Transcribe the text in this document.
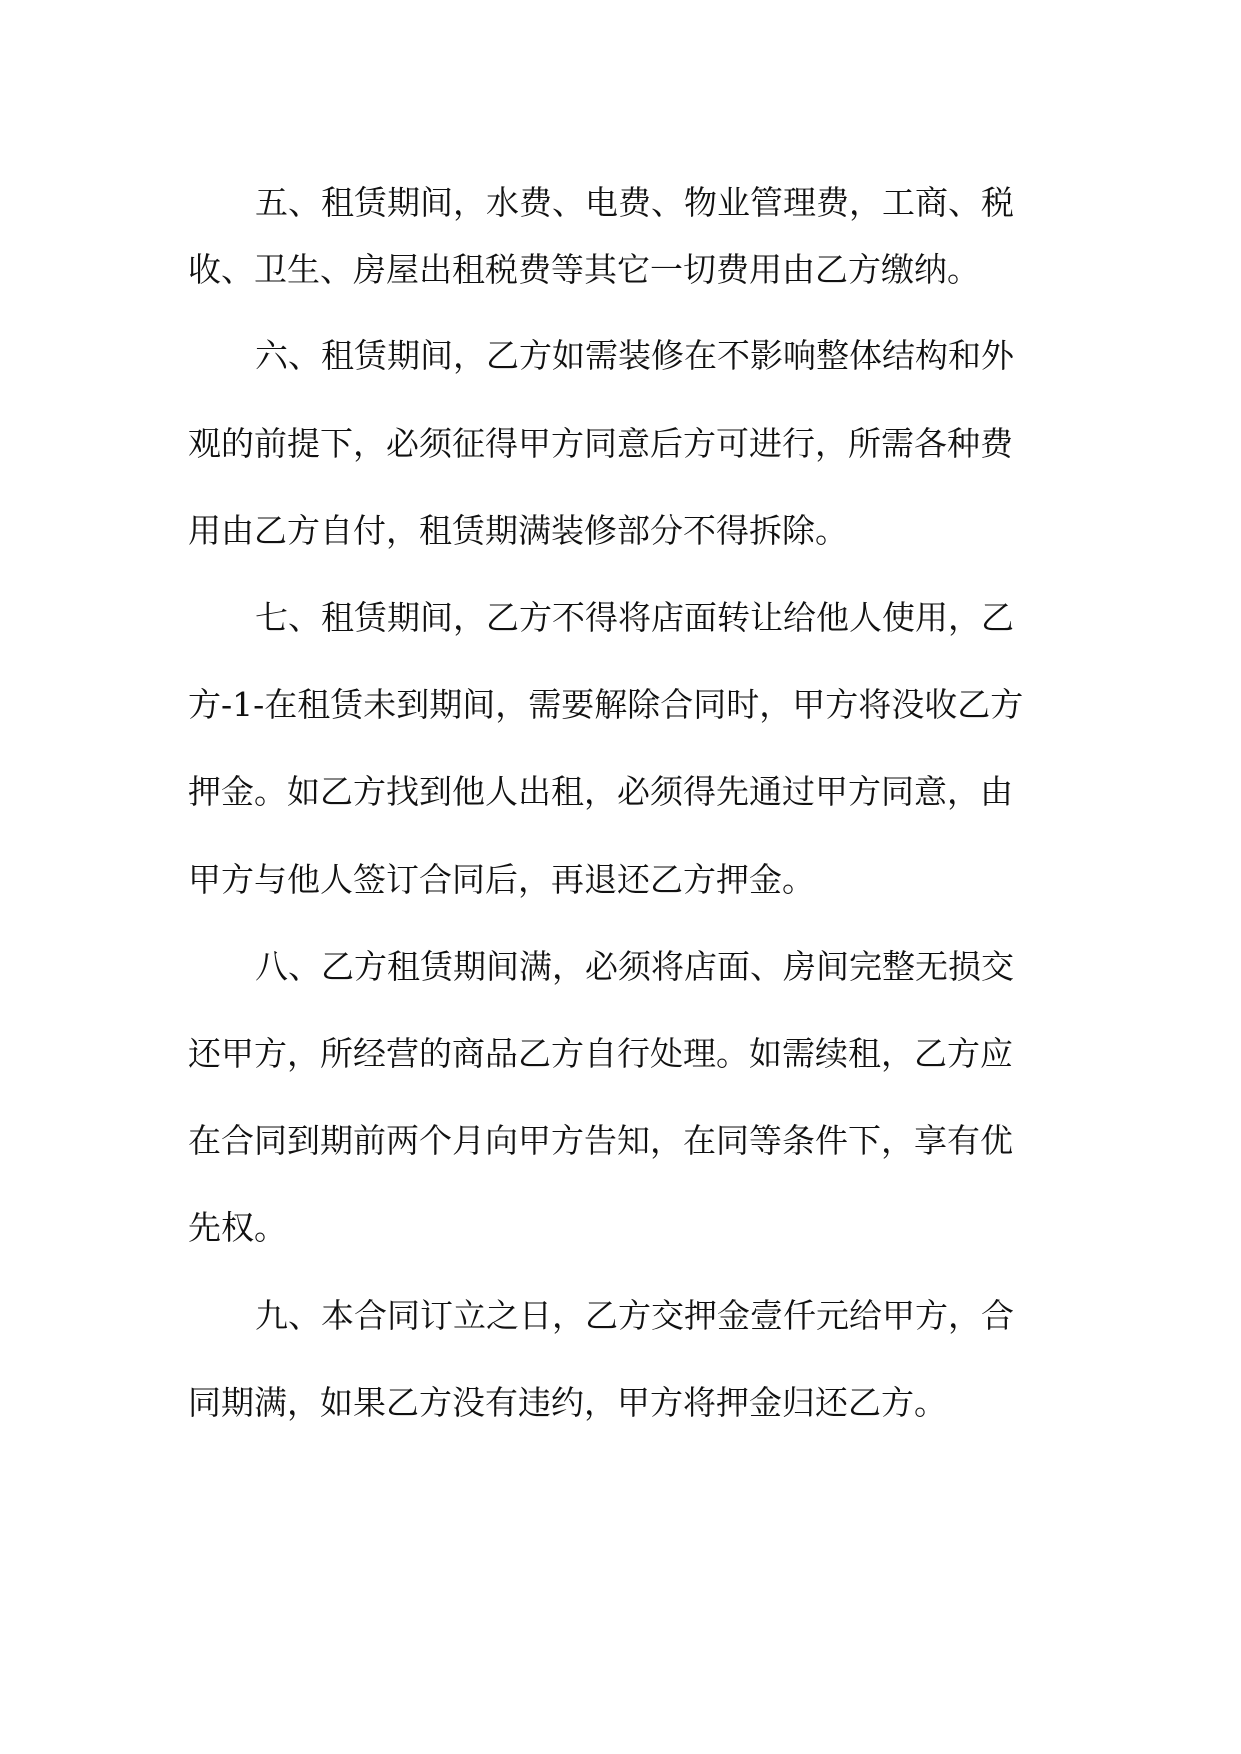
五、租赁期间，水费、电费、物业管理费，工商、税
收、卫生、房屋出租税费等其它一切费用由乙方缴纳。
六、租赁期间，乙方如需装修在不影响整体结构和外
观的前提下，必须征得甲方同意后方可进行，所需各种费
用由乙方自付，租赁期满装修部分不得拆除。
七、租赁期间，乙方不得将店面转让给他人使用，乙
方-1-在租赁未到期间，需要解除合同时，甲方将没收乙方
押金。如乙方找到他人出租，必须得先通过甲方同意，由
甲方与他人签订合同后，再退还乙方押金。
八、乙方租赁期间满，必须将店面、房间完整无损交
还甲方，所经营的商品乙方自行处理。如需续租，乙方应
在合同到期前两个月向甲方告知，在同等条件下，享有优
先权。
九、本合同订立之日，乙方交押金壹仟元给甲方，合
同期满，如果乙方没有违约，甲方将押金归还乙方。
